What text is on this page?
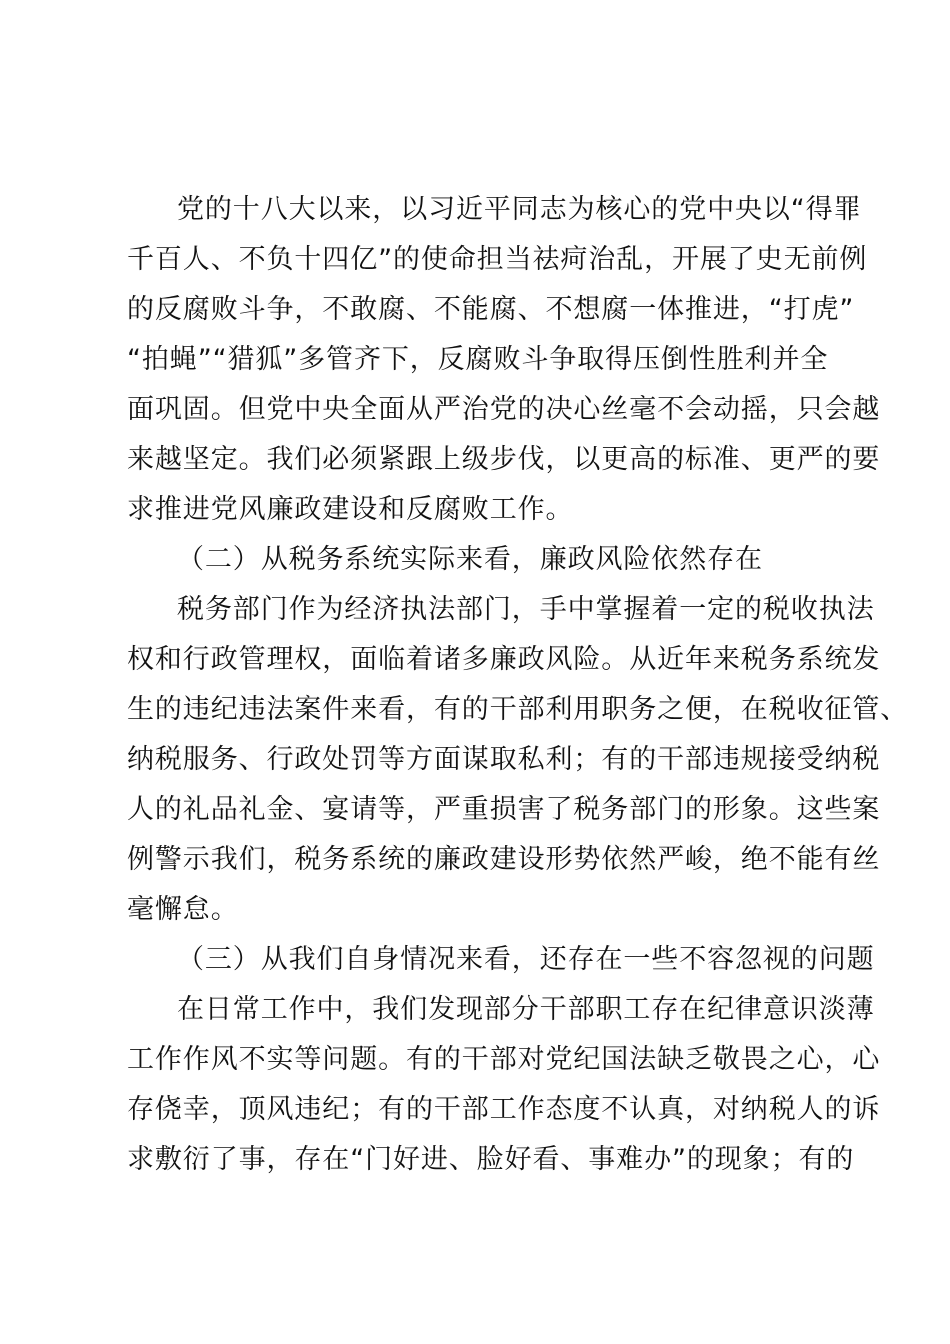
党的十八大以来，以习近平同志为核心的党中央以“得罪
千百人、不负十四亿”的使命担当祛疴治乱，开展了史无前例
的反腐败斗争，不敢腐、不能腐、不想腐一体推进，“打虎”
“拍蝇”“猎狐”多管齐下，反腐败斗争取得压倒性胜利并全
面巩固。但党中央全面从严治党的决心丝毫不会动摇，只会越
来越坚定。我们必须紧跟上级步伐，以更高的标准、更严的要
求推进党风廉政建设和反腐败工作。
（二）从税务系统实际来看，廉政风险依然存在
税务部门作为经济执法部门，手中掌握着一定的税收执法
权和行政管理权，面临着诸多廉政风险。从近年来税务系统发
生的违纪违法案件来看，有的干部利用职务之便，在税收征管、
纳税服务、行政处罚等方面谋取私利；有的干部违规接受纳税
人的礼品礼金、宴请等，严重损害了税务部门的形象。这些案
例警示我们，税务系统的廉政建设形势依然严峻，绝不能有丝
毫懈怠。
（三）从我们自身情况来看，还存在一些不容忽视的问题
在日常工作中，我们发现部分干部职工存在纪律意识淡薄
工作作风不实等问题。有的干部对党纪国法缺乏敬畏之心，心
存侥幸，顶风违纪；有的干部工作态度不认真，对纳税人的诉
求敷衍了事，存在“门好进、脸好看、事难办”的现象；有的
